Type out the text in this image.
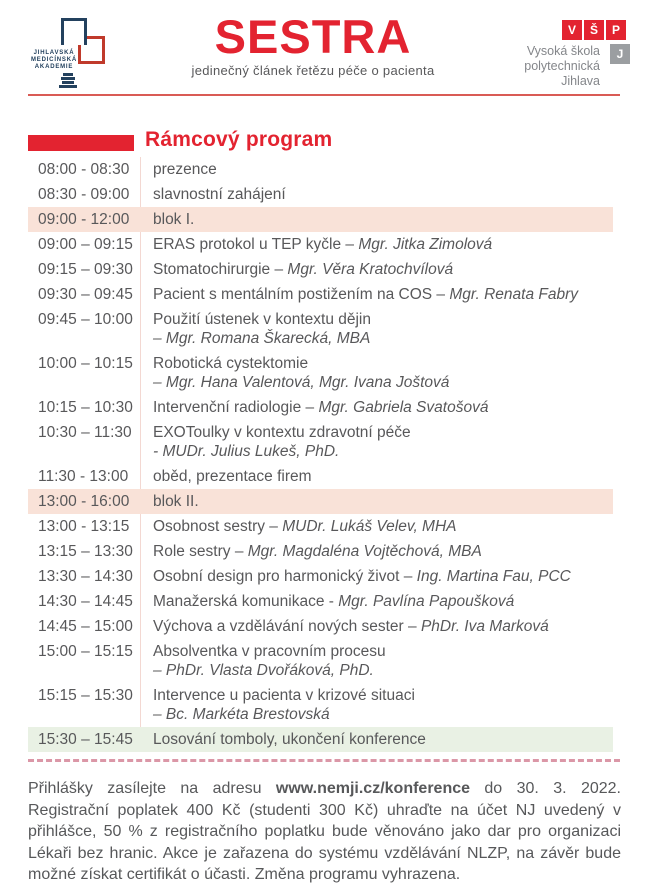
JIHLAVSKÁ
MEDICÍNSKÁ
AKADEMIE
SESTRA
jedinečný článek řetězu péče o pacienta
V	Š	P
J
Vysoká škola
polytechnická
Jihlava
Rámcový program
08:00 - 08:30	prezence
08:30 - 09:00	slavnostní zahájení
09:00 - 12:00	blok I.
09:00 – 09:15	ERAS protokol u TEP kyčle – Mgr. Jitka Zimolová
09:15 – 09:30	Stomatochirurgie – Mgr. Věra Kratochvílová
09:30 – 09:45	Pacient s mentálním postižením na COS – Mgr. Renata Fabry
09:45 – 10:00	Použití ústenek v kontextu dějin
– Mgr. Romana Škarecká, MBA
10:00 – 10:15	Robotická cystektomie
– Mgr. Hana Valentová, Mgr. Ivana Joštová
10:15 – 10:30	Intervenční radiologie – Mgr. Gabriela Svatošová
10:30 – 11:30	EXOToulky v kontextu zdravotní péče
- MUDr. Julius Lukeš, PhD.
11:30 - 13:00	oběd, prezentace firem
13:00 - 16:00	blok II.
13:00 - 13:15	Osobnost sestry – MUDr. Lukáš Velev, MHA
13:15 – 13:30	Role sestry – Mgr. Magdaléna Vojtěchová, MBA
13:30 – 14:30	Osobní design pro harmonický život – Ing. Martina Fau, PCC
14:30 – 14:45	Manažerská komunikace - Mgr. Pavlína Papoušková
14:45 – 15:00	Výchova a vzdělávání nových sester – PhDr. Iva Marková
15:00 – 15:15	Absolventka v pracovním procesu
– PhDr. Vlasta Dvořáková, PhD.
15:15 – 15:30	Intervence u pacienta v krizové situaci
– Bc. Markéta Brestovská
15:30 – 15:45	Losování tomboly, ukončení konference

Přihlášky zasílejte na adresu www.nemji.cz/konference do 30. 3. 2022. Registrační poplatek 400 Kč (studenti 300 Kč) uhraďte na účet NJ uvedený v přihlášce, 50 % z registračního poplatku bude věnováno jako dar pro organizaci Lékaři bez hranic. Akce je zařazena do systému vzdělávání NLZP, na závěr bude možné získat certifikát o účasti. Změna programu vyhrazena.
